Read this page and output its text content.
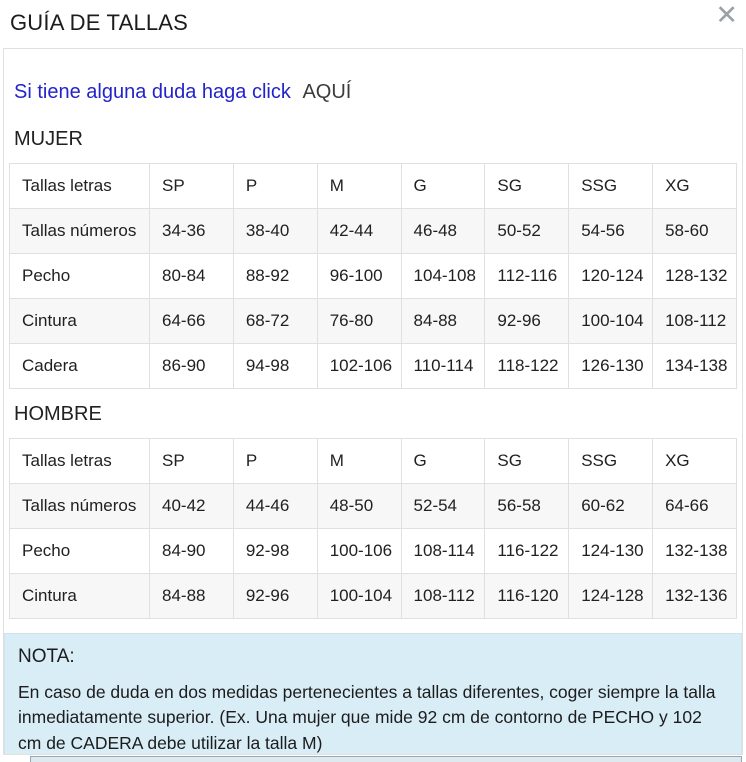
GUÍA DE TALLAS	✕
Si tiene alguna duda haga click AQUÍ
MUJER
Tallas letras	SP	P	M	G	SG	SSG	XG
Tallas números	34-36	38-40	42-44	46-48	50-52	54-56	58-60
Pecho	80-84	88-92	96-100	104-108	112-116	120-124	128-132
Cintura	64-66	68-72	76-80	84-88	92-96	100-104	108-112
Cadera	86-90	94-98	102-106	110-114	118-122	126-130	134-138
HOMBRE
Tallas letras	SP	P	M	G	SG	SSG	XG
Tallas números	40-42	44-46	48-50	52-54	56-58	60-62	64-66
Pecho	84-90	92-98	100-106	108-114	116-122	124-130	132-138
Cintura	84-88	92-96	100-104	108-112	116-120	124-128	132-136
NOTA:
En caso de duda en dos medidas pertenecientes a tallas diferentes, coger siempre la talla inmediatamente superior. (Ex. Una mujer que mide 92 cm de contorno de PECHO y 102 cm de CADERA debe utilizar la talla M)
